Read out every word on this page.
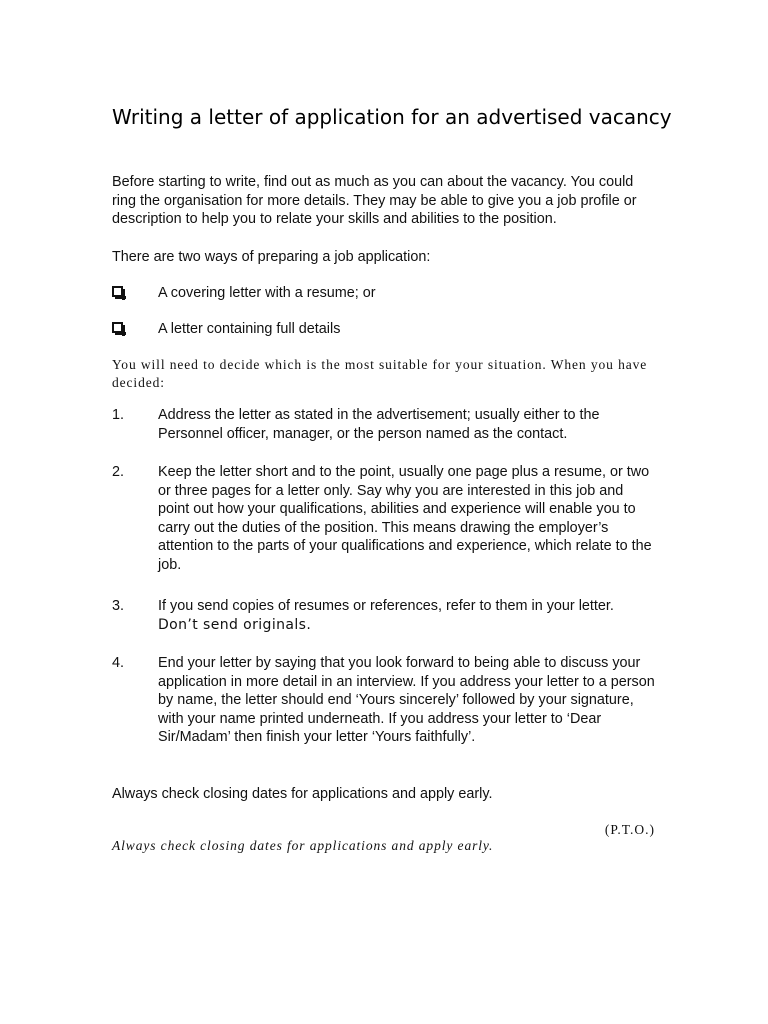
Writing a letter of application for an advertised vacancy

Before starting to write, find out as much as you can about the vacancy. You could ring the organisation for more details. They may be able to give you a job profile or description to help you to relate your skills and abilities to the position.

There are two ways of preparing a job application:

A covering letter with a resume; or
A letter containing full details

You will need to decide which is the most suitable for your situation. When you have decided:

1. Address the letter as stated in the advertisement; usually either to the Personnel officer, manager, or the person named as the contact.
2. Keep the letter short and to the point, usually one page plus a resume, or two or three pages for a letter only. Say why you are interested in this job and point out how your qualifications, abilities and experience will enable you to carry out the duties of the position. This means drawing the employer’s attention to the parts of your qualifications and experience, which relate to the job.
3. If you send copies of resumes or references, refer to them in your letter.
Don’t send originals.
4. End your letter by saying that you look forward to being able to discuss your application in more detail in an interview. If you address your letter to a person by name, the letter should end ‘Yours sincerely’ followed by your signature, with your name printed underneath. If you address your letter to ‘Dear Sir/Madam’ then finish your letter ‘Yours faithfully’.

Always check closing dates for applications and apply early.

(P.T.O.)

Always check closing dates for applications and apply early.
